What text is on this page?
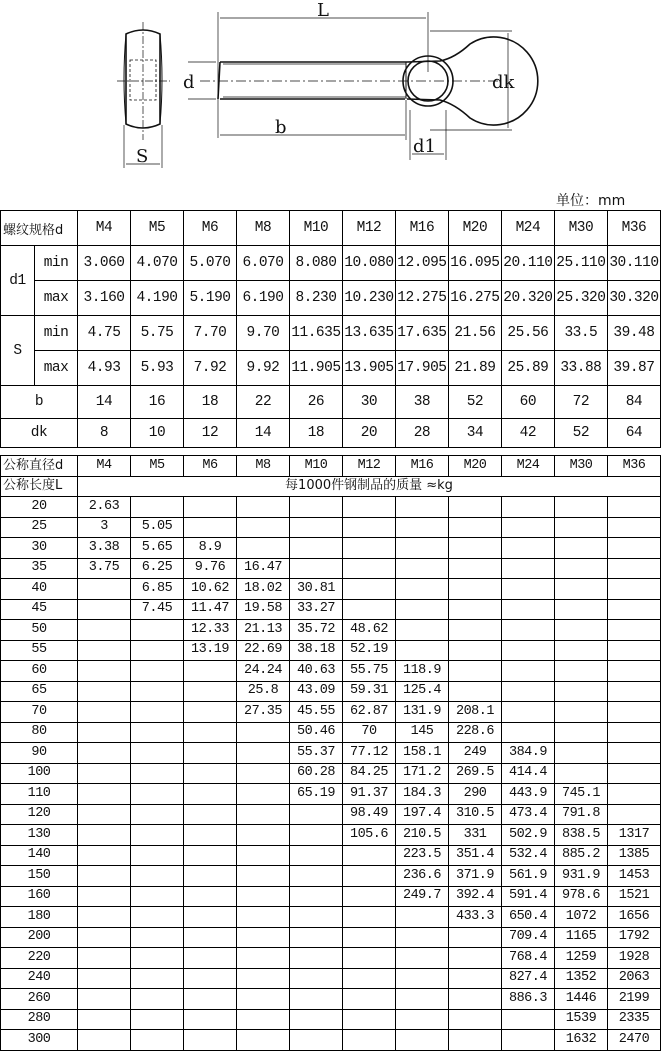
L
d
b
S
dk
d1
单位：mm
螺纹规格d		M4	M5	M6	M8	M10	M12	M16	M20	M24	M30	M36
d1	min	3.060	4.070	5.070	6.070	8.080	10.080	12.095	16.095	20.110	25.110	30.110
	max	3.160	4.190	5.190	6.190	8.230	10.230	12.275	16.275	20.320	25.320	30.320
S	min	4.75	5.75	7.70	9.70	11.635	13.635	17.635	21.56	25.56	33.5	39.48
	max	4.93	5.93	7.92	9.92	11.905	13.905	17.905	21.89	25.89	33.88	39.87
b		14	16	18	22	26	30	38	52	60	72	84
dk		8	10	12	14	18	20	28	34	42	52	64
公称直径d	M4	M5	M6	M8	M10	M12	M16	M20	M24	M30	M36
公称长度L	每1000件钢制品的质量 ≈kg										
20	2.63										
25	3	5.05									
30	3.38	5.65	8.9								
35	3.75	6.25	9.76	16.47							
40		6.85	10.62	18.02	30.81						
45		7.45	11.47	19.58	33.27						
50			12.33	21.13	35.72	48.62					
55			13.19	22.69	38.18	52.19					
60				24.24	40.63	55.75	118.9				
65				25.8	43.09	59.31	125.4				
70				27.35	45.55	62.87	131.9	208.1			
80					50.46	70	145	228.6			
90					55.37	77.12	158.1	249	384.9		
100					60.28	84.25	171.2	269.5	414.4		
110					65.19	91.37	184.3	290	443.9	745.1	
120						98.49	197.4	310.5	473.4	791.8	
130						105.6	210.5	331	502.9	838.5	1317
140							223.5	351.4	532.4	885.2	1385
150							236.6	371.9	561.9	931.9	1453
160							249.7	392.4	591.4	978.6	1521
180								433.3	650.4	1072	1656
200									709.4	1165	1792
220									768.4	1259	1928
240									827.4	1352	2063
260									886.3	1446	2199
280										1539	2335
300										1632	2470
